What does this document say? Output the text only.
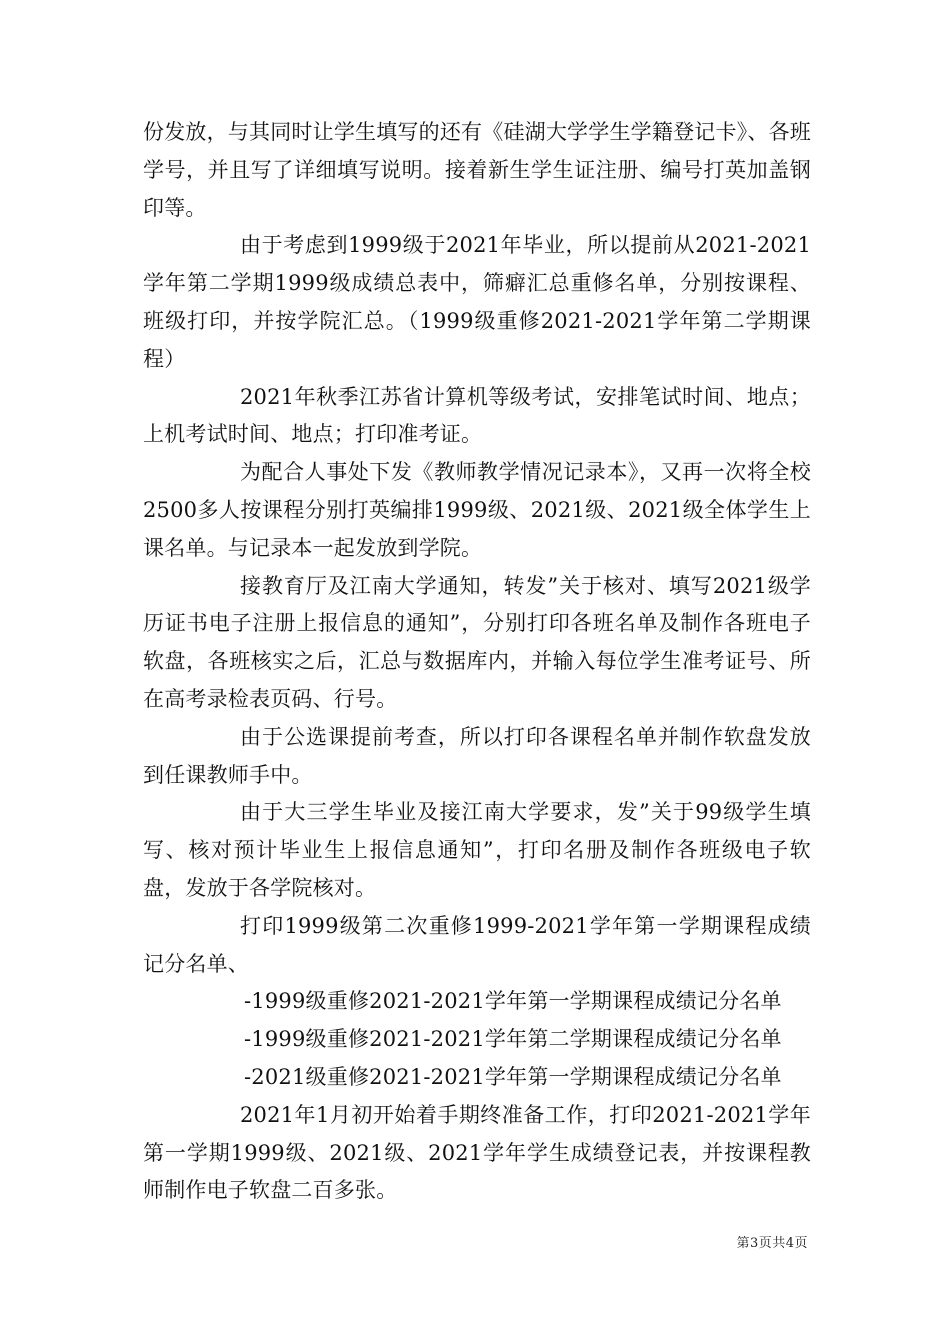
份发放，与其同时让学生填写的还有《硅湖大学学生学籍登记卡》、各班学号，并且写了详细填写说明。接着新生学生证注册、编号打英加盖钢印等。

由于考虑到1999级于2021年毕业，所以提前从2021-2021学年第二学期1999级成绩总表中，筛癖汇总重修名单，分别按课程、班级打印，并按学院汇总。（1999级重修2021-2021学年第二学期课程）

2021年秋季江苏省计算机等级考试，安排笔试时间、地点；上机考试时间、地点；打印准考证。

为配合人事处下发《教师教学情况记录本》，又再一次将全校2500多人按课程分别打英编排1999级、2021级、2021级全体学生上课名单。与记录本一起发放到学院。

接教育厅及江南大学通知，转发”关于核对、填写2021级学历证书电子注册上报信息的通知”，分别打印各班名单及制作各班电子软盘，各班核实之后，汇总与数据库内，并输入每位学生准考证号、所在高考录检表页码、行号。

由于公选课提前考查，所以打印各课程名单并制作软盘发放到任课教师手中。

由于大三学生毕业及接江南大学要求，发”关于99级学生填写、核对预计毕业生上报信息通知”，打印名册及制作各班级电子软盘，发放于各学院核对。

打印1999级第二次重修1999-2021学年第一学期课程成绩记分名单、

-1999级重修2021-2021学年第一学期课程成绩记分名单

-1999级重修2021-2021学年第二学期课程成绩记分名单

-2021级重修2021-2021学年第一学期课程成绩记分名单

2021年1月初开始着手期终准备工作，打印2021-2021学年第一学期1999级、2021级、2021学年学生成绩登记表，并按课程教师制作电子软盘二百多张。

第3页共4页
